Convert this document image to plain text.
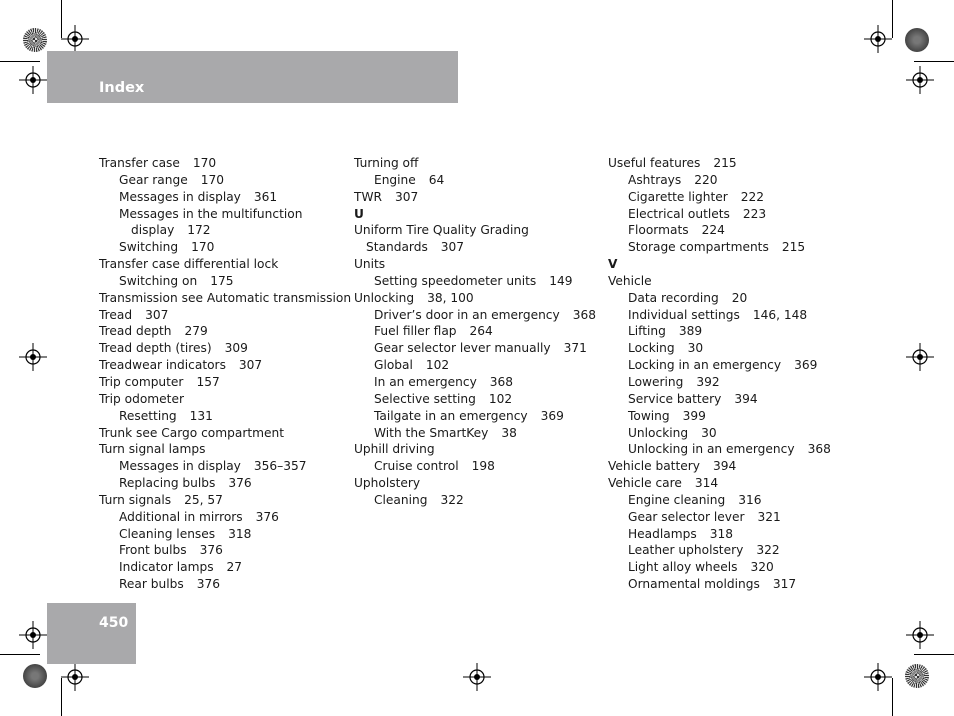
Index
Transfer case 170
Gear range 170
Messages in display 361
Messages in the multifunction
display 172
Switching 170
Transfer case differential lock
Switching on 175
Transmission see Automatic transmission
Tread 307
Tread depth 279
Tread depth (tires) 309
Treadwear indicators 307
Trip computer 157
Trip odometer
Resetting 131
Trunk see Cargo compartment
Turn signal lamps
Messages in display 356–357
Replacing bulbs 376
Turn signals 25, 57
Additional in mirrors 376
Cleaning lenses 318
Front bulbs 376
Indicator lamps 27
Rear bulbs 376
Turning off
Engine 64
TWR 307
U
Uniform Tire Quality Grading
Standards 307
Units
Setting speedometer units 149
Unlocking 38, 100
Driver’s door in an emergency 368
Fuel filler flap 264
Gear selector lever manually 371
Global 102
In an emergency 368
Selective setting 102
Tailgate in an emergency 369
With the SmartKey 38
Uphill driving
Cruise control 198
Upholstery
Cleaning 322
Useful features 215
Ashtrays 220
Cigarette lighter 222
Electrical outlets 223
Floormats 224
Storage compartments 215
V
Vehicle
Data recording 20
Individual settings 146, 148
Lifting 389
Locking 30
Locking in an emergency 369
Lowering 392
Service battery 394
Towing 399
Unlocking 30
Unlocking in an emergency 368
Vehicle battery 394
Vehicle care 314
Engine cleaning 316
Gear selector lever 321
Headlamps 318
Leather upholstery 322
Light alloy wheels 320
Ornamental moldings 317
450
